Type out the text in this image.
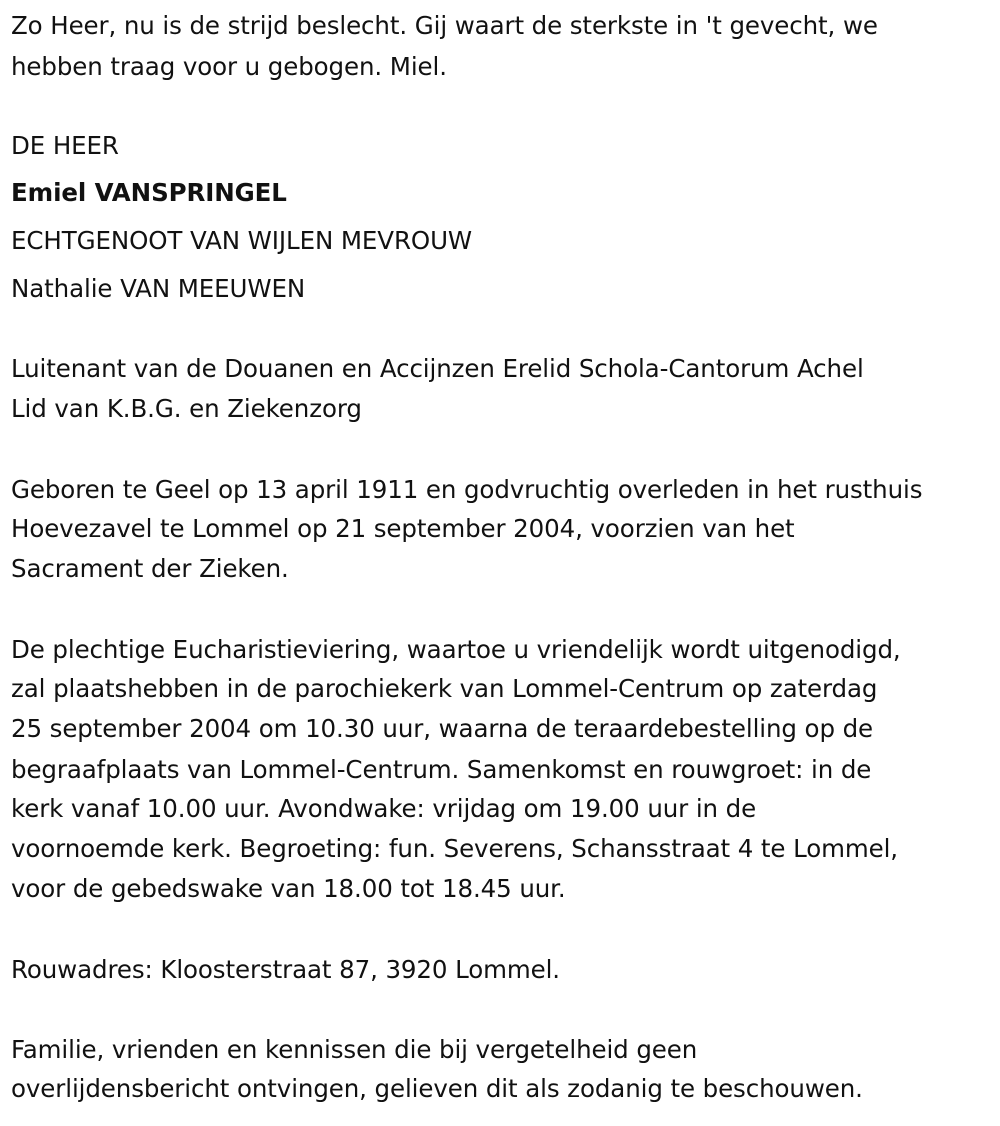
Zo Heer, nu is de strijd beslecht. Gij waart de sterkste in 't gevecht, we
hebben traag voor u gebogen. Miel.
DE HEER
Emiel VANSPRINGEL
ECHTGENOOT VAN WIJLEN MEVROUW
Nathalie VAN MEEUWEN
Luitenant van de Douanen en Accijnzen Erelid Schola-Cantorum Achel
Lid van K.B.G. en Ziekenzorg
Geboren te Geel op 13 april 1911 en godvruchtig overleden in het rusthuis
Hoevezavel te Lommel op 21 september 2004, voorzien van het
Sacrament der Zieken.
De plechtige Eucharistieviering, waartoe u vriendelijk wordt uitgenodigd,
zal plaatshebben in de parochiekerk van Lommel-Centrum op zaterdag
25 september 2004 om 10.30 uur, waarna de teraardebestelling op de
begraafplaats van Lommel-Centrum. Samenkomst en rouwgroet: in de
kerk vanaf 10.00 uur. Avondwake: vrijdag om 19.00 uur in de
voornoemde kerk. Begroeting: fun. Severens, Schansstraat 4 te Lommel,
voor de gebedswake van 18.00 tot 18.45 uur.
Rouwadres: Kloosterstraat 87, 3920 Lommel.
Familie, vrienden en kennissen die bij vergetelheid geen
overlijdensbericht ontvingen, gelieven dit als zodanig te beschouwen.
